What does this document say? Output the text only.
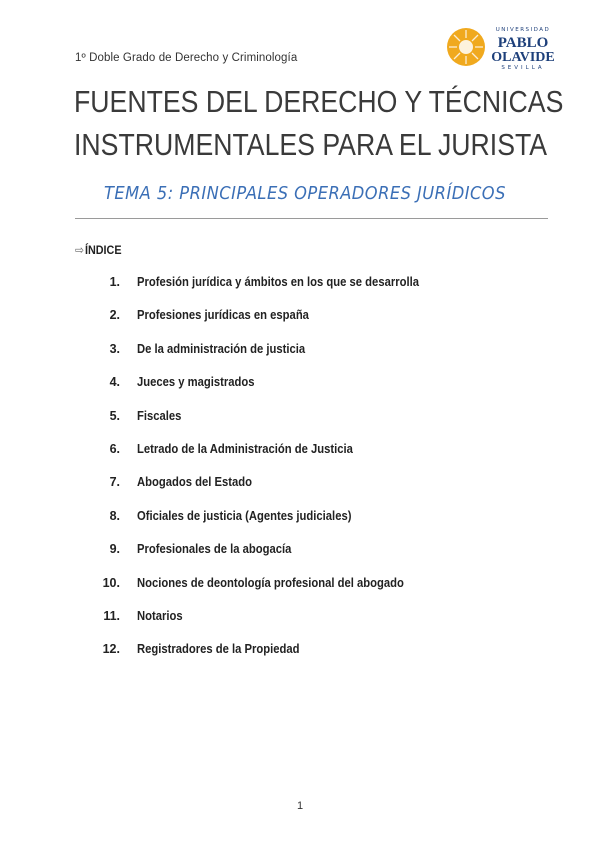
1º Doble Grado de Derecho y Criminología
UNIVERSIDAD
PABLO
OLAVIDE
SEVILLA
FUENTES DEL DERECHO Y TÉCNICAS
INSTRUMENTALES PARA EL JURISTA
TEMA 5: PRINCIPALES OPERADORES JURÍDICOS
⇨ÍNDICE
1. Profesión jurídica y ámbitos en los que se desarrolla
2. Profesiones jurídicas en españa
3. De la administración de justicia
4. Jueces y magistrados
5. Fiscales
6. Letrado de la Administración de Justicia
7. Abogados del Estado
8. Oficiales de justicia (Agentes judiciales)
9. Profesionales de la abogacía
10. Nociones de deontología profesional del abogado
11. Notarios
12. Registradores de la Propiedad
1
